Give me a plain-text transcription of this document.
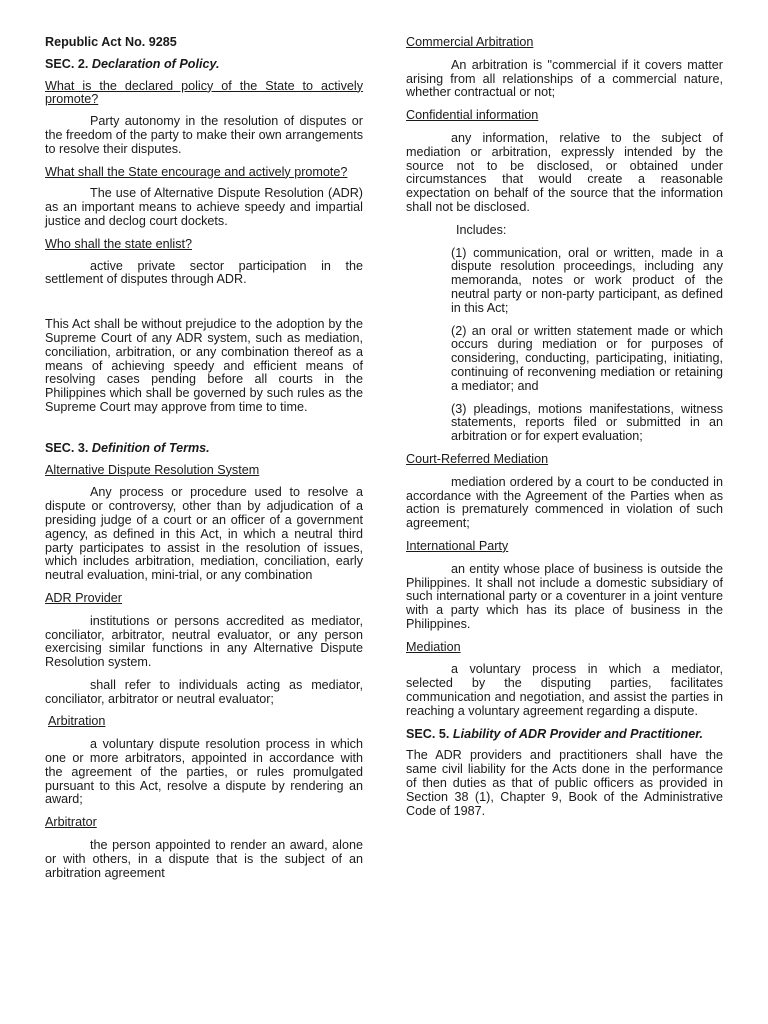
Republic Act No. 9285

SEC. 2. Declaration of Policy.

What is the declared policy of the State to actively promote?

Party autonomy in the resolution of disputes or the freedom of the party to make their own arrangements to resolve their disputes.

What shall the State encourage and actively promote?

The use of Alternative Dispute Resolution (ADR) as an important means to achieve speedy and impartial justice and declog court dockets.

Who shall the state enlist?

active private sector participation in the settlement of disputes through ADR.

This Act shall be without prejudice to the adoption by the Supreme Court of any ADR system, such as mediation, conciliation, arbitration, or any combination thereof as a means of achieving speedy and efficient means of resolving cases pending before all courts in the Philippines which shall be governed by such rules as the Supreme Court may approve from time to time.

SEC. 3. Definition of Terms.

Alternative Dispute Resolution System

Any process or procedure used to resolve a dispute or controversy, other than by adjudication of a presiding judge of a court or an officer of a government agency, as defined in this Act, in which a neutral third party participates to assist in the resolution of issues, which includes arbitration, mediation, conciliation, early neutral evaluation, mini-trial, or any combination

ADR Provider

institutions or persons accredited as mediator, conciliator, arbitrator, neutral evaluator, or any person exercising similar functions in any Alternative Dispute Resolution system.

shall refer to individuals acting as mediator, conciliator, arbitrator or neutral evaluator;

Arbitration

a voluntary dispute resolution process in which one or more arbitrators, appointed in accordance with the agreement of the parties, or rules promulgated pursuant to this Act, resolve a dispute by rendering an award;

Arbitrator

the person appointed to render an award, alone or with others, in a dispute that is the subject of an arbitration agreement

Commercial Arbitration

An arbitration is "commercial if it covers matter arising from all relationships of a commercial nature, whether contractual or not;

Confidential information

any information, relative to the subject of mediation or arbitration, expressly intended by the source not to be disclosed, or obtained under circumstances that would create a reasonable expectation on behalf of the source that the information shall not be disclosed.

Includes:

(1) communication, oral or written, made in a dispute resolution proceedings, including any memoranda, notes or work product of the neutral party or non-party participant, as defined in this Act;

(2) an oral or written statement made or which occurs during mediation or for purposes of considering, conducting, participating, initiating, continuing of reconvening mediation or retaining a mediator; and

(3) pleadings, motions manifestations, witness statements, reports filed or submitted in an arbitration or for expert evaluation;

Court-Referred Mediation

mediation ordered by a court to be conducted in accordance with the Agreement of the Parties when as action is prematurely commenced in violation of such agreement;

International Party

an entity whose place of business is outside the Philippines. It shall not include a domestic subsidiary of such international party or a coventurer in a joint venture with a party which has its place of business in the Philippines.

Mediation

a voluntary process in which a mediator, selected by the disputing parties, facilitates communication and negotiation, and assist the parties in reaching a voluntary agreement regarding a dispute.

SEC. 5. Liability of ADR Provider and Practitioner.

The ADR providers and practitioners shall have the same civil liability for the Acts done in the performance of then duties as that of public officers as provided in Section 38 (1), Chapter 9, Book of the Administrative Code of 1987.
